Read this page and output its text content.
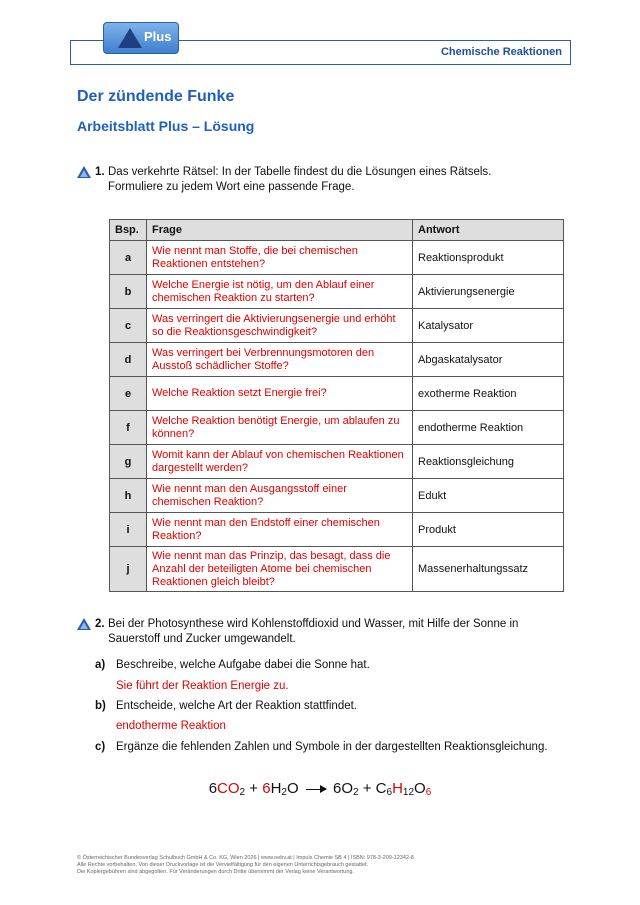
Chemische Reaktionen
Plus
Der zündende Funke
Arbeitsblatt Plus – Lösung
1. Das verkehrte Rätsel: In der Tabelle findest du die Lösungen eines Rätsels. Formuliere zu jedem Wort eine passende Frage.
Bsp.	Frage	Antwort
a	Wie nennt man Stoffe, die bei chemischen Reaktionen entstehen?	Reaktionsprodukt
b	Welche Energie ist nötig, um den Ablauf einer chemischen Reaktion zu starten?	Aktivierungsenergie
c	Was verringert die Aktivierungsenergie und erhöht so die Reaktionsgeschwindigkeit?	Katalysator
d	Was verringert bei Verbrennungsmotoren den Ausstoß schädlicher Stoffe?	Abgaskatalysator
e	Welche Reaktion setzt Energie frei?	exotherme Reaktion
f	Welche Reaktion benötigt Energie, um ablaufen zu können?	endotherme Reaktion
g	Womit kann der Ablauf von chemischen Reaktionen dargestellt werden?	Reaktionsgleichung
h	Wie nennt man den Ausgangsstoff einer chemischen Reaktion?	Edukt
i	Wie nennt man den Endstoff einer chemischen Reaktion?	Produkt
j	Wie nennt man das Prinzip, das besagt, dass die Anzahl der beteiligten Atome bei chemischen Reaktionen gleich bleibt?	Massenerhaltungssatz
2. Bei der Photosynthese wird Kohlenstoffdioxid und Wasser, mit Hilfe der Sonne in Sauerstoff und Zucker umgewandelt.
a) Beschreibe, welche Aufgabe dabei die Sonne hat.
Sie führt der Reaktion Energie zu.
b) Entscheide, welche Art der Reaktion stattfindet.
endotherme Reaktion
c) Ergänze die fehlenden Zahlen und Symbole in der dargestellten Reaktionsgleichung.
$6CO_2 + 6H_2O \to 6O_2 + C_6H_{12}O_6$
© Österreichischer Bundesverlag Schulbuch GmbH & Co. KG, Wien 2026 | www.oebv.at | Impuls Chemie SB 4 | ISBN: 978-3-209-12342-8
Alle Rechte vorbehalten. Von dieser Druckvorlage ist die Vervielfältigung für den eigenen Unterrichtsgebrauch gestattet.
Die Kopiergebühren sind abgegolten. Für Veränderungen durch Dritte übernimmt der Verlag keine Verantwortung.
